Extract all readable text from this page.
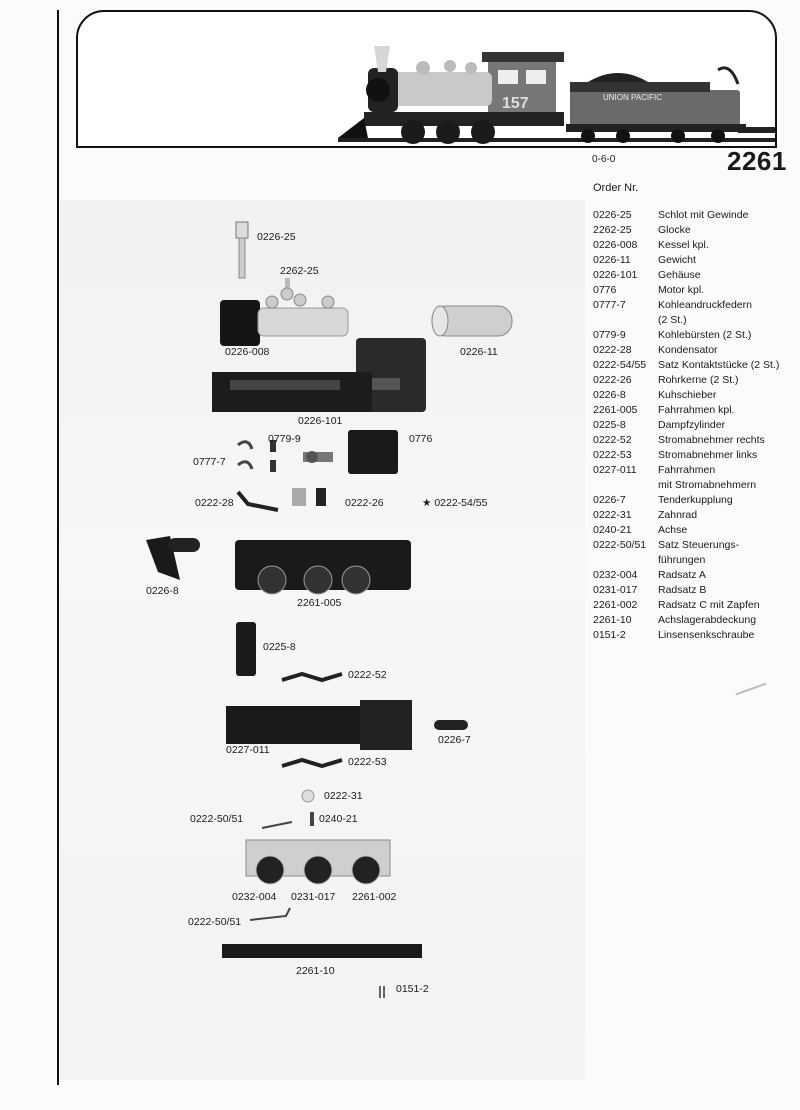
UNION PACIFIC
157
0-6-0	2261
Order Nr.
0226-25	Schlot mit Gewinde
2262-25	Glocke
0226-008	Kessel kpl.
0226-11	Gewicht
0226-101	Gehäuse
0776	Motor kpl.
0777-7	Kohleandruckfedern
(2 St.)
0779-9	Kohlebürsten (2 St.)
0222-28	Kondensator
0222-54/55	Satz Kontaktstücke (2 St.)
0222-26	Rohrkerne (2 St.)
0226-8	Kuhschieber
2261-005	Fahrrahmen kpl.
0225-8	Dampfzylinder
0222-52	Stromabnehmer rechts
0222-53	Stromabnehmer links
0227-011	Fahrrahmen
mit Stromabnehmern
0226-7	Tenderkupplung
0222-31	Zahnrad
0240-21	Achse
0222-50/51	Satz Steuerungs-
führungen
0232-004	Radsatz A
0231-017	Radsatz B
2261-002	Radsatz C mit Zapfen
2261-10	Achslagerabdeckung
0151-2	Linsensenkschraube
0226-25
2262-25
0226-008	0226-11
0226-101
0779-9	0776
0777-7
0222-28	0222-26	★ 0222-54/55
0226-8
2261-005
0225-8
0222-52
0227-011
0226-7
0222-53
0222-31
0222-50/51	0240-21
0232-004 0231-017 2261-002
0222-50/51
2261-10
0151-2
